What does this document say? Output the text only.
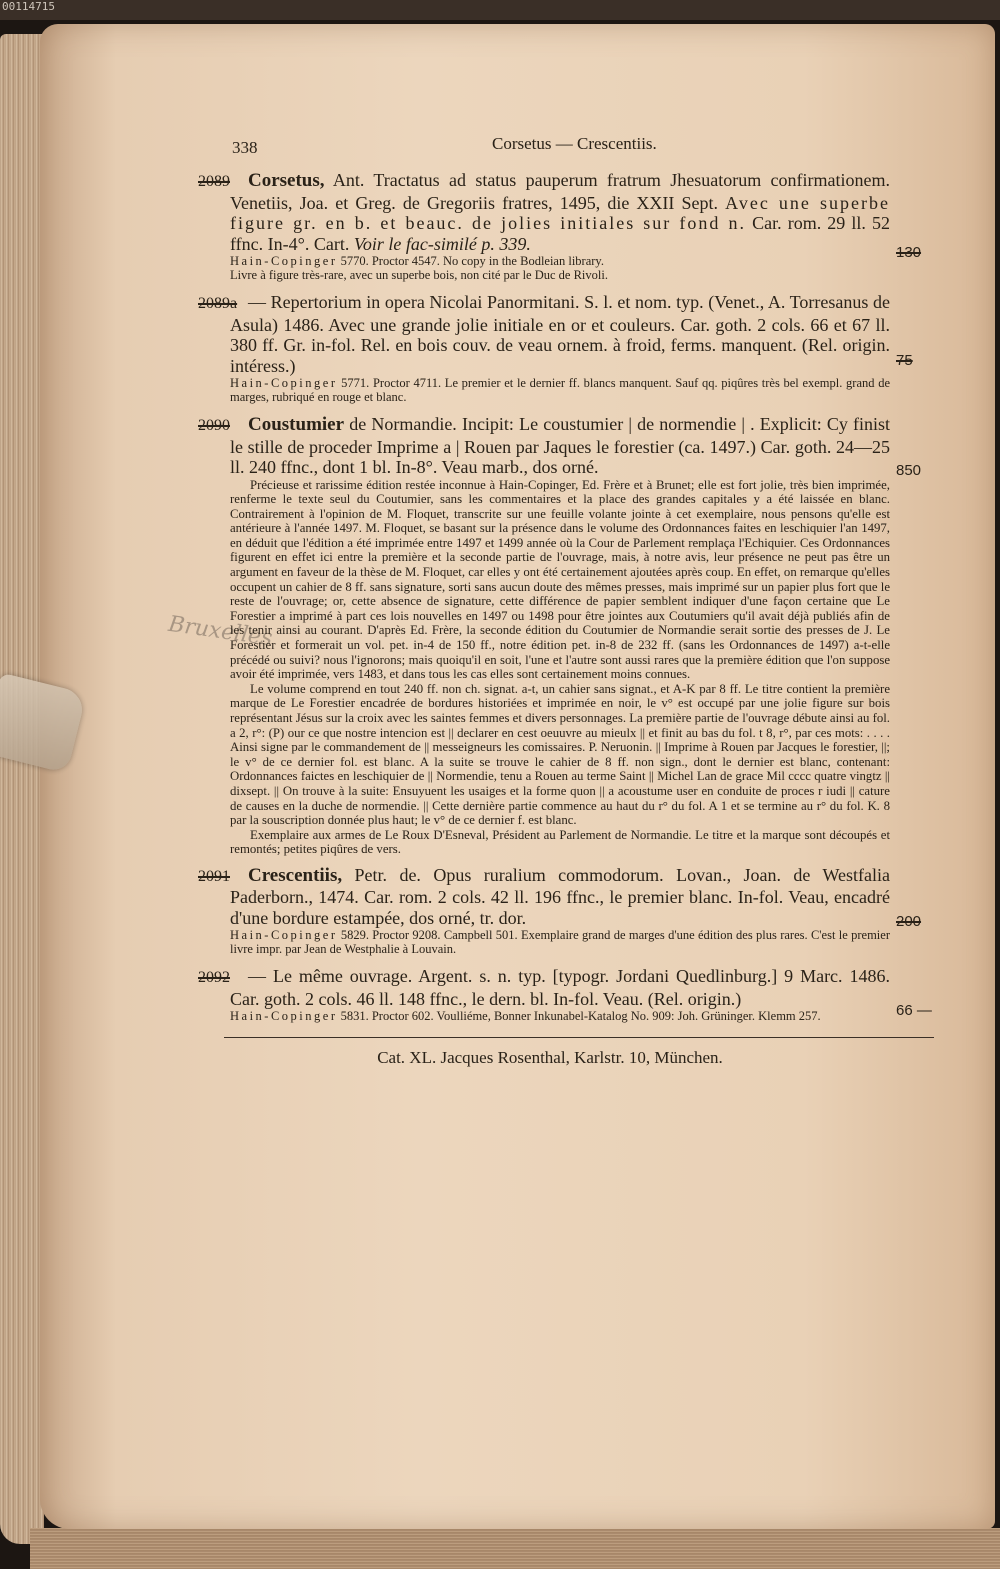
00114715
Bruxelles
338	Corsetus — Crescentiis.
130

2089 Corsetus, Ant. Tractatus ad status pauperum fratrum Jhesuatorum confirmationem. Venetiis, Joa. et Greg. de Gregoriis fratres, 1495, die XXII Sept. Avec une superbe figure gr. en b. et beauc. de jolies initiales sur fond n. Car. rom. 29 ll. 52 ffnc. In-4°. Cart. Voir le fac-similé p. 339.

Hain-Copinger 5770. Proctor 4547. No copy in the Bodleian library.

Livre à figure très-rare, avec un superbe bois, non cité par le Duc de Rivoli.

75

2089a — Repertorium in opera Nicolai Panormitani. S. l. et nom. typ. (Venet., A. Torresanus de Asula) 1486. Avec une grande jolie initiale en or et couleurs. Car. goth. 2 cols. 66 et 67 ll. 380 ff. Gr. in-fol. Rel. en bois couv. de veau ornem. à froid, ferms. manquent. (Rel. origin. intéress.)

Hain-Copinger 5771. Proctor 4711. Le premier et le dernier ff. blancs manquent. Sauf qq. piqûres très bel exempl. grand de marges, rubriqué en rouge et blanc.

850

2090 Coustumier de Normandie. Incipit: Le coustumier | de normendie | . Explicit: Cy finist le stille de proceder Imprime a | Rouen par Jaques le forestier (ca. 1497.) Car. goth. 24—25 ll. 240 ffnc., dont 1 bl. In-8°. Veau marb., dos orné.

Précieuse et rarissime édition restée inconnue à Hain-Copinger, Ed. Frère et à Brunet; elle est fort jolie, très bien imprimée, renferme le texte seul du Coutumier, sans les commentaires et la place des grandes capitales y a été laissée en blanc. Contrairement à l'opinion de M. Floquet, transcrite sur une feuille volante jointe à cet exemplaire, nous pensons qu'elle est antérieure à l'année 1497. M. Floquet, se basant sur la présence dans le volume des Ordonnances faites en leschiquier l'an 1497, en déduit que l'édition a été imprimée entre 1497 et 1499 année où la Cour de Parlement remplaça l'Echiquier. Ces Ordonnances figurent en effet ici entre la première et la seconde partie de l'ouvrage, mais, à notre avis, leur présence ne peut pas être un argument en faveur de la thèse de M. Floquet, car elles y ont été certainement ajoutées après coup. En effet, on remarque qu'elles occupent un cahier de 8 ff. sans signature, sorti sans aucun doute des mêmes presses, mais imprimé sur un papier plus fort que le reste de l'ouvrage; or, cette absence de signature, cette différence de papier semblent indiquer d'une façon certaine que Le Forestier a imprimé à part ces lois nouvelles en 1497 ou 1498 pour être jointes aux Coutumiers qu'il avait déjà publiés afin de les tenir ainsi au courant. D'après Ed. Frère, la seconde édition du Coutumier de Normandie serait sortie des presses de J. Le Forestier et formerait un vol. pet. in-4 de 150 ff., notre édition pet. in-8 de 232 ff. (sans les Ordonnances de 1497) a-t-elle précédé ou suivi? nous l'ignorons; mais quoiqu'il en soit, l'une et l'autre sont aussi rares que la première édition que l'on suppose avoir été imprimée, vers 1483, et dans tous les cas elles sont certainement moins connues.

Le volume comprend en tout 240 ff. non ch. signat. a-t, un cahier sans signat., et A-K par 8 ff. Le titre contient la première marque de Le Forestier encadrée de bordures historiées et imprimée en noir, le v° est occupé par une jolie figure sur bois représentant Jésus sur la croix avec les saintes femmes et divers personnages. La première partie de l'ouvrage débute ainsi au fol. a 2, r°: (P) our ce que nostre intencion est || declarer en cest oeuuvre au mieulx || et finit au bas du fol. t 8, r°, par ces mots: . . . . Ainsi signe par le commandement de || messeigneurs les comissaires. P. Neruonin. || Imprime à Rouen par Jacques le forestier, ||; le v° de ce dernier fol. est blanc. A la suite se trouve le cahier de 8 ff. non sign., dont le dernier est blanc, contenant: Ordonnances faictes en leschiquier de || Normendie, tenu a Rouen au terme Saint || Michel Lan de grace Mil cccc quatre vingtz || dixsept. || On trouve à la suite: Ensuyuent les usaiges et la forme quon || a acoustume user en conduite de proces r iudi || cature de causes en la duche de normendie. || Cette dernière partie commence au haut du r° du fol. A 1 et se termine au r° du fol. K. 8 par la souscription donnée plus haut; le v° de ce dernier f. est blanc.

Exemplaire aux armes de Le Roux D'Esneval, Président au Parlement de Normandie. Le titre et la marque sont découpés et remontés; petites piqûres de vers.

200

2091 Crescentiis, Petr. de. Opus ruralium commodorum. Lovan., Joan. de Westfalia Paderborn., 1474. Car. rom. 2 cols. 42 ll. 196 ffnc., le premier blanc. In-fol. Veau, encadré d'une bordure estampée, dos orné, tr. dor.

Hain-Copinger 5829. Proctor 9208. Campbell 501. Exemplaire grand de marges d'une édition des plus rares. C'est le premier livre impr. par Jean de Westphalie à Louvain.

66 —

2092 — Le même ouvrage. Argent. s. n. typ. [typogr. Jordani Quedlinburg.] 9 Marc. 1486. Car. goth. 2 cols. 46 ll. 148 ffnc., le dern. bl. In-fol. Veau. (Rel. origin.)

Hain-Copinger 5831. Proctor 602. Voulliéme, Bonner Inkunabel-Katalog No. 909: Joh. Grüninger. Klemm 257.

Cat. XL. Jacques Rosenthal, Karlstr. 10, München.
